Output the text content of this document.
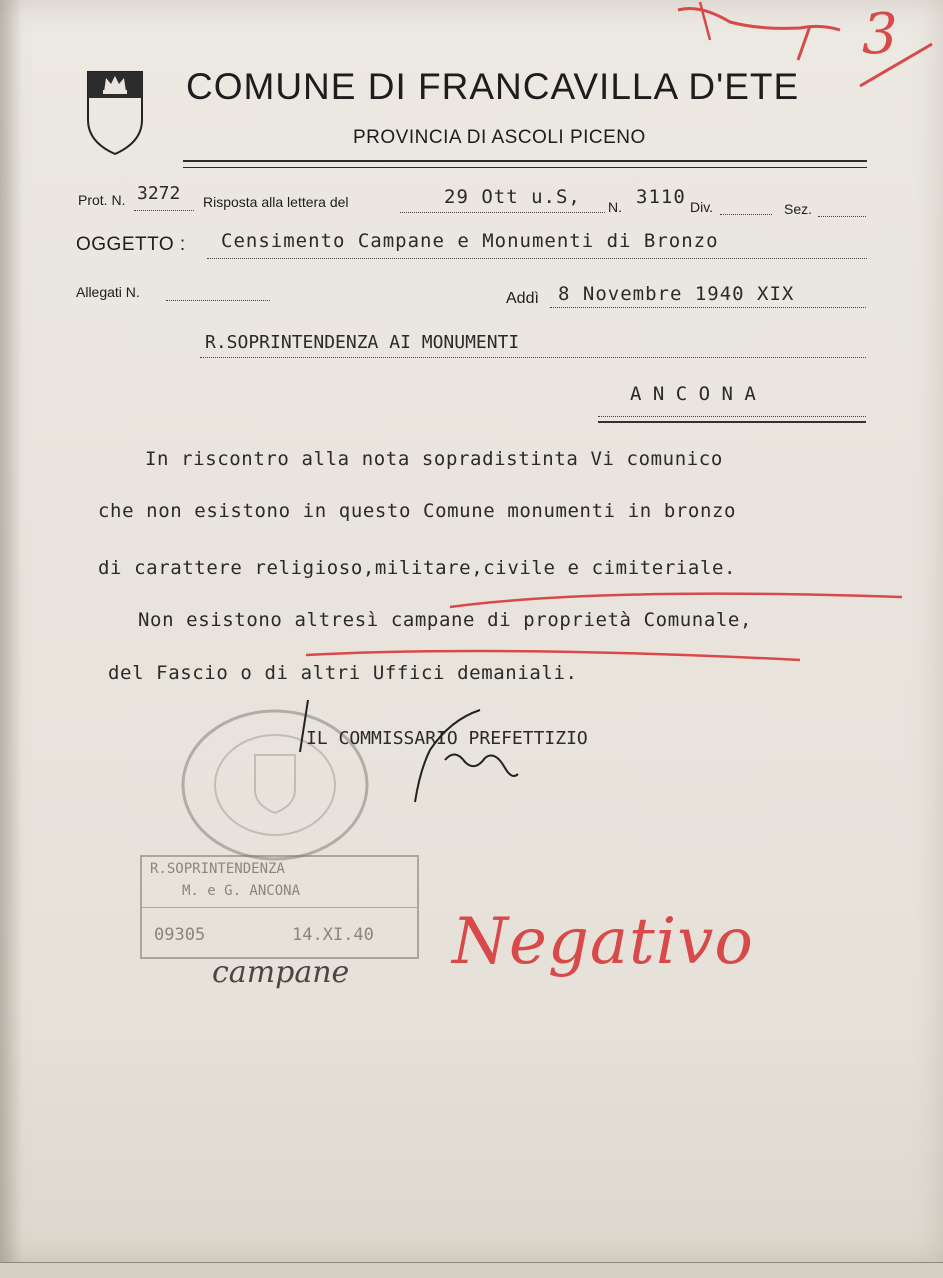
COMUNE DI FRANCAVILLA D'ETE
PROVINCIA DI ASCOLI PICENO
3
Prot. N. 3272 Risposta alla lettera del	29 Ott u.S, N. 3110 Div.	Sez.
OGGETTO : Censimento Campane e Monumenti di Bronzo
Allegati N.	Addì 8 Novembre 1940 XIX
R.SOPRINTENDENZA AI MONUMENTI
A N C O N A
In riscontro alla nota sopradistinta Vi comunico
che non esistono in questo Comune monumenti in bronzo
di carattere religioso,militare,civile e cimiteriale.
Non esistono altresì campane di proprietà Comunale,
del Fascio o di altri Uffici demaniali.
IL COMMISSARIO PREFETTIZIO
R.SOPRINTENDENZA
M. e G. ANCONA
09305	14.XI.40
campane Negativo
